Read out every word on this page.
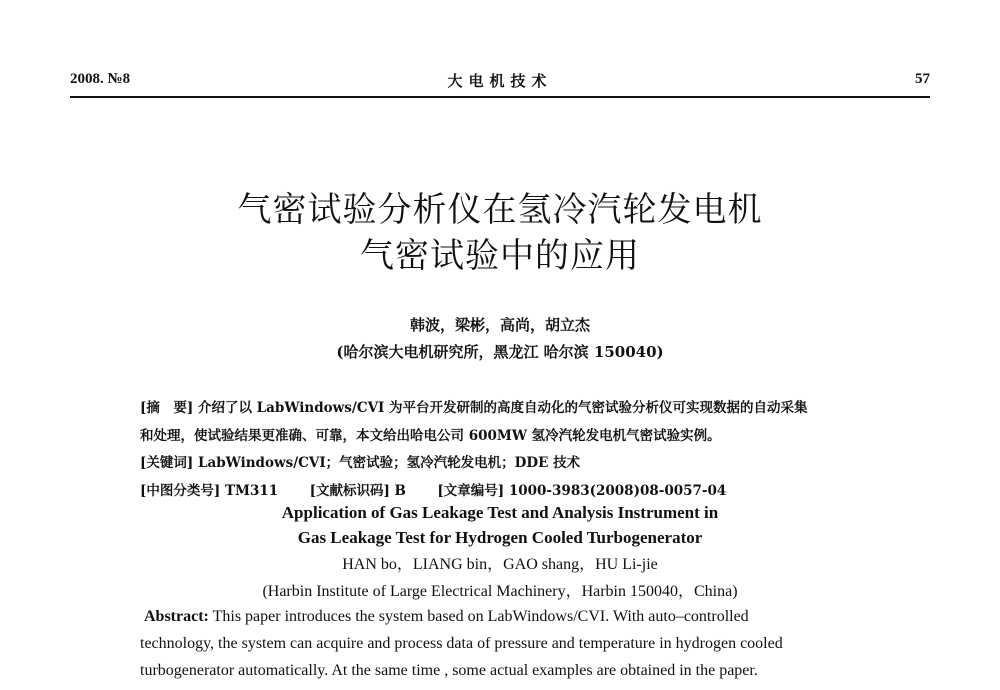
2008. №8	大电机技术	57
气密试验分析仪在氢冷汽轮发电机
气密试验中的应用
韩波，梁彬，高尚，胡立杰
(哈尔滨大电机研究所，黑龙江 哈尔滨 150040)
[摘　要] 介绍了以 LabWindows/CVI 为平台开发研制的高度自动化的气密试验分析仪可实现数据的自动采集
和处理，使试验结果更准确、可靠，本文给出哈电公司 600MW 氢冷汽轮发电机气密试验实例。
[关键词] LabWindows/CVI；气密试验；氢冷汽轮发电机；DDE 技术
[中图分类号] TM311 [文献标识码] B [文章编号] 1000-3983(2008)08-0057-04
Application of Gas Leakage Test and Analysis Instrument in
Gas Leakage Test for Hydrogen Cooled Turbogenerator
HAN bo，LIANG bin，GAO shang，HU Li-jie
(Harbin Institute of Large Electrical Machinery，Harbin 150040，China)
Abstract: This paper introduces the system based on LabWindows/CVI. With auto–controlled
technology, the system can acquire and process data of pressure and temperature in hydrogen cooled
turbogenerator automatically. At the same time , some actual examples are obtained in the paper.
